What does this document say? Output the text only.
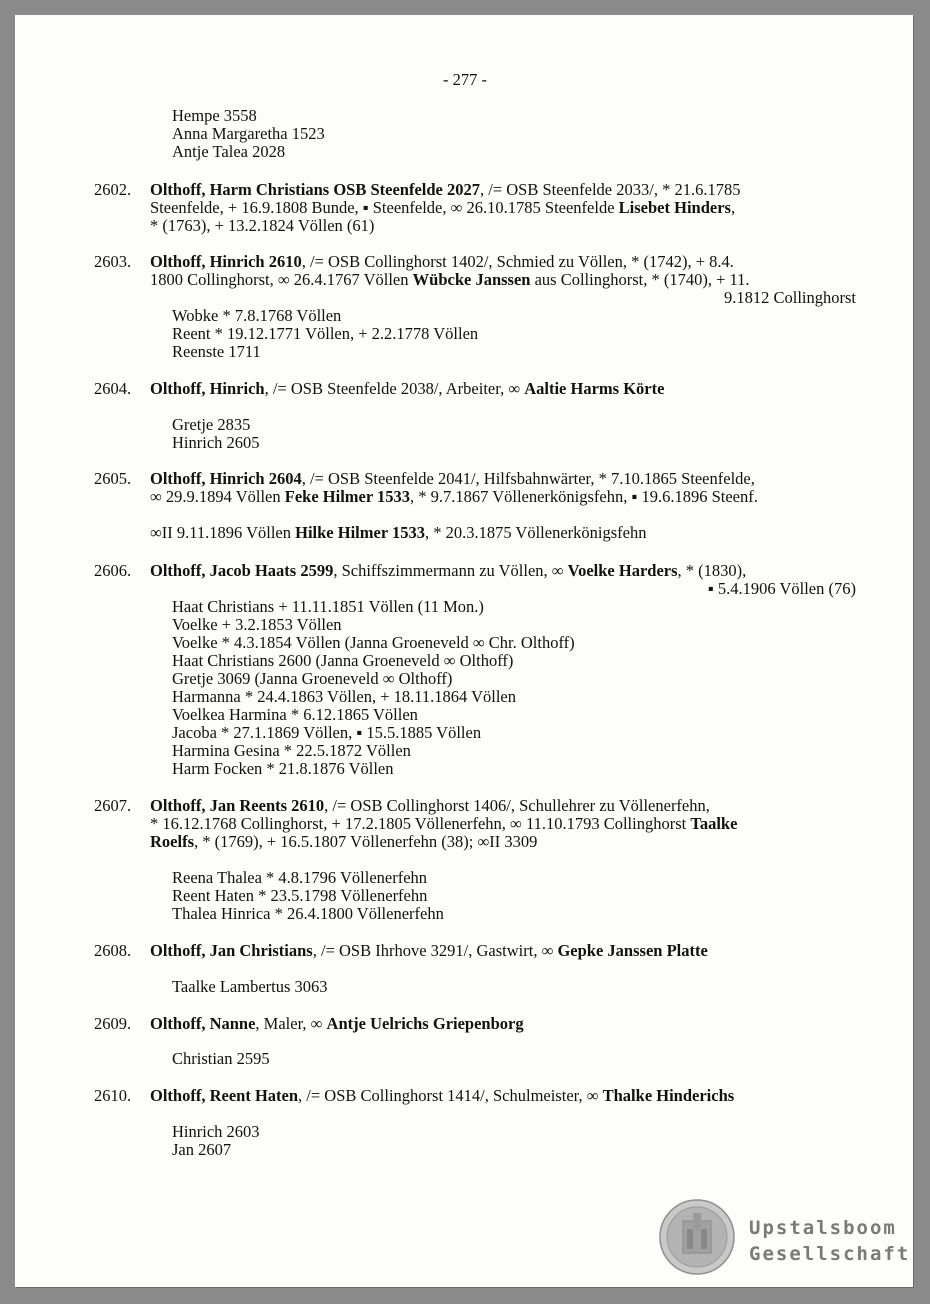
- 277 -
Hempe 3558
Anna Margaretha 1523
Antje Talea 2028
2602. Olthoff, Harm Christians OSB Steenfelde 2027, /= OSB Steenfelde 2033/, * 21.6.1785
Steenfelde, + 16.9.1808 Bunde, ▪ Steenfelde, ∞ 26.10.1785 Steenfelde Lisebet Hinders,
* (1763), + 13.2.1824 Völlen (61)
2603. Olthoff, Hinrich 2610, /= OSB Collinghorst 1402/, Schmied zu Völlen, * (1742), + 8.4.
1800 Collinghorst, ∞ 26.4.1767 Völlen Wübcke Janssen aus Collinghorst, * (1740), + 11.
9.1812 Collinghorst
Wobke * 7.8.1768 Völlen
Reent * 19.12.1771 Völlen, + 2.2.1778 Völlen
Reenste 1711
2604. Olthoff, Hinrich, /= OSB Steenfelde 2038/, Arbeiter, ∞ Aaltie Harms Körte
Gretje 2835
Hinrich 2605
2605. Olthoff, Hinrich 2604, /= OSB Steenfelde 2041/, Hilfsbahnwärter, * 7.10.1865 Steenfelde,
∞ 29.9.1894 Völlen Feke Hilmer 1533, * 9.7.1867 Völlenerkönigsfehn, ▪ 19.6.1896 Steenf.
∞II 9.11.1896 Völlen Hilke Hilmer 1533, * 20.3.1875 Völlenerkönigsfehn
2606. Olthoff, Jacob Haats 2599, Schiffszimmermann zu Völlen, ∞ Voelke Harders, * (1830),
▪ 5.4.1906 Völlen (76)
Haat Christians + 11.11.1851 Völlen (11 Mon.)
Voelke + 3.2.1853 Völlen
Voelke * 4.3.1854 Völlen (Janna Groeneveld ∞ Chr. Olthoff)
Haat Christians 2600 (Janna Groeneveld ∞ Olthoff)
Gretje 3069 (Janna Groeneveld ∞ Olthoff)
Harmanna * 24.4.1863 Völlen, + 18.11.1864 Völlen
Voelkea Harmina * 6.12.1865 Völlen
Jacoba * 27.1.1869 Völlen, ▪ 15.5.1885 Völlen
Harmina Gesina * 22.5.1872 Völlen
Harm Focken * 21.8.1876 Völlen
2607. Olthoff, Jan Reents 2610, /= OSB Collinghorst 1406/, Schullehrer zu Völlenerfehn,
* 16.12.1768 Collinghorst, + 17.2.1805 Völlenerfehn, ∞ 11.10.1793 Collinghorst Taalke
Roelfs, * (1769), + 16.5.1807 Völlenerfehn (38); ∞II 3309
Reena Thalea * 4.8.1796 Völlenerfehn
Reent Haten * 23.5.1798 Völlenerfehn
Thalea Hinrica * 26.4.1800 Völlenerfehn
2608. Olthoff, Jan Christians, /= OSB Ihrhove 3291/, Gastwirt, ∞ Gepke Janssen Platte
Taalke Lambertus 3063
2609. Olthoff, Nanne, Maler, ∞ Antje Uelrichs Griepenborg
Christian 2595
2610. Olthoff, Reent Haten, /= OSB Collinghorst 1414/, Schulmeister, ∞ Thalke Hinderichs
Hinrich 2603
Jan 2607
Upstalsboom
Gesellschaft
